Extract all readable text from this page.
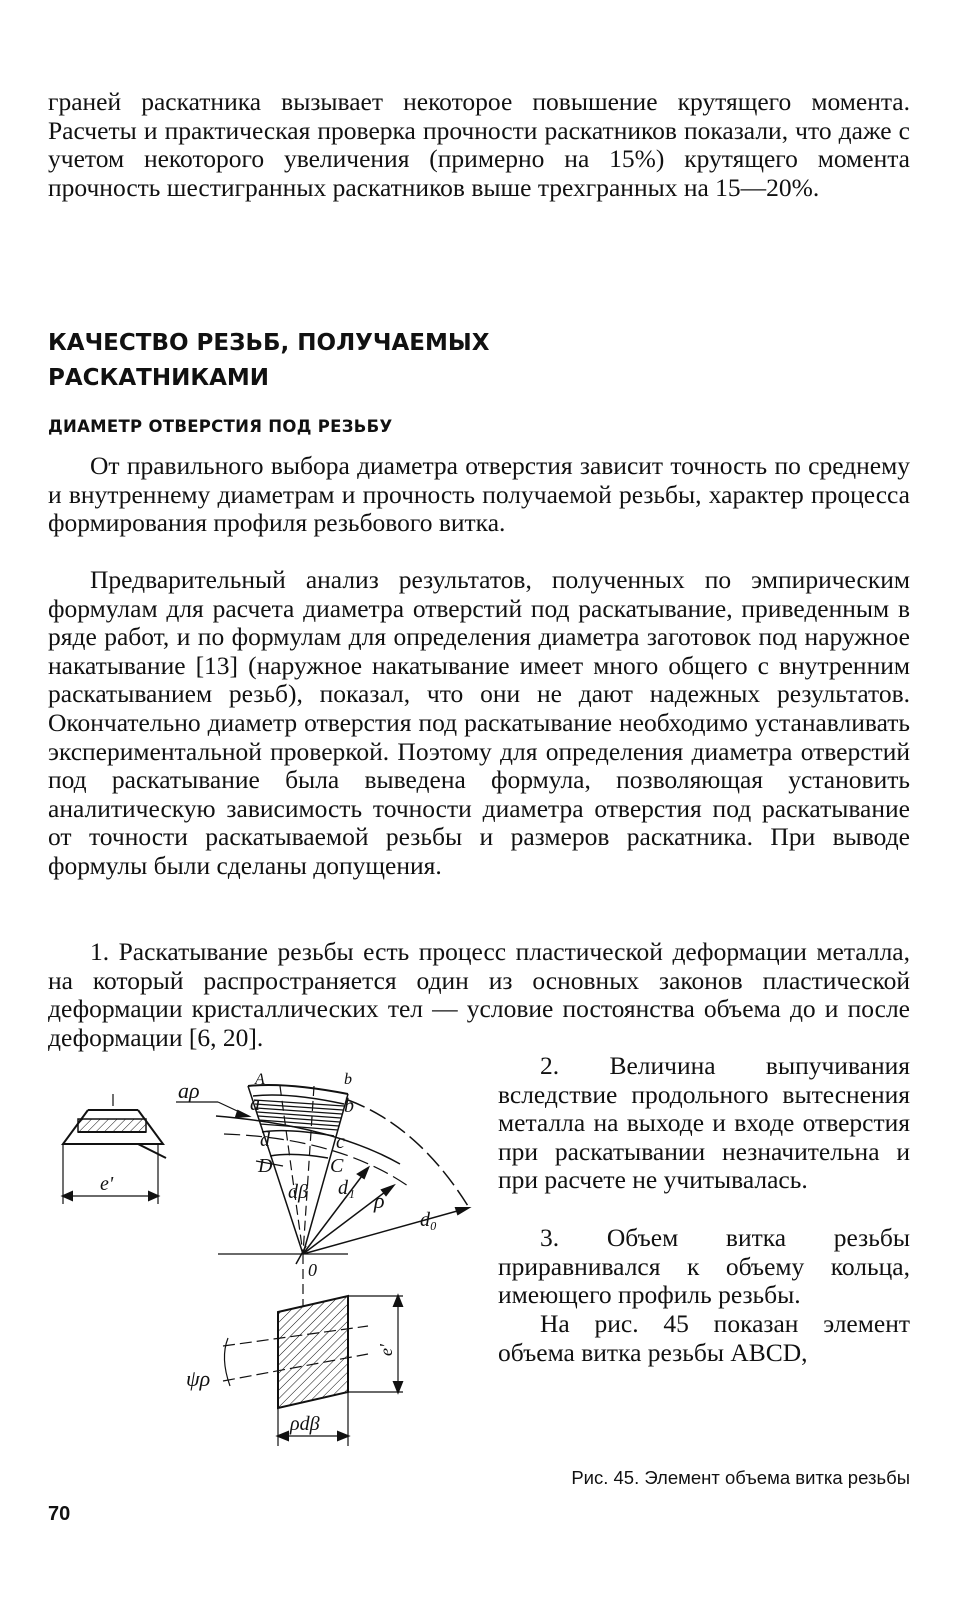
граней раскатника вызывает некоторое повышение крутящего момента. Расчеты и практическая проверка прочности раскатников показали, что даже с учетом некоторого увеличения (примерно на 15%) крутящего момента прочность шестигранных раскатников выше трехгранных на 15—20%.

КАЧЕСТВО РЕЗЬБ, ПОЛУЧАЕМЫХ
РАСКАТНИКАМИ
ДИАМЕТР ОТВЕРСТИЯ ПОД РЕЗЬБУ

От правильного выбора диаметра отверстия зависит точность по среднему и внутреннему диаметрам и прочность получаемой резьбы, характер процесса формирования профиля резьбового витка.

Предварительный анализ результатов, полученных по эмпирическим формулам для расчета диаметра отверстий под раскатывание, приведенным в ряде работ, и по формулам для определения диаметра заготовок под наружное накатывание [13] (наружное накатывание имеет много общего с внутренним раскатыванием резьб), показал, что они не дают надежных результатов. Окончательно диаметр отверстия под раскатывание необходимо устанавливать экспериментальной проверкой. Поэтому для определения диаметра отверстий под раскатывание была выведена формула, позволяющая установить аналитическую зависимость точности диаметра отверстия под раскатывание от точности раскатываемой резьбы и размеров раскатника. При выводе формулы были сделаны допущения.

1. Раскатывание резьбы есть процесс пластической деформации металла, на который распространяется один из основных законов пластической деформации кристаллических тел — условие постоянства объема до и после деформации [6, 20].

e'
aρ	A	b
a	b
d	c
D	C
dβ d₁ ρ
d₀
0
e'
ψρ
ρdβ

2. Величина выпучивания вследствие продольного вытеснения металла на выходе и входе отверстия при раскатывании незначительна и при расчете не учитывалась.

3. Объем витка резьбы приравнивался к объему кольца, имеющего профиль резьбы.

На рис. 45 показан элемент объема витка резьбы ABCD,

Рис. 45. Элемент объема витка резьбы

70
